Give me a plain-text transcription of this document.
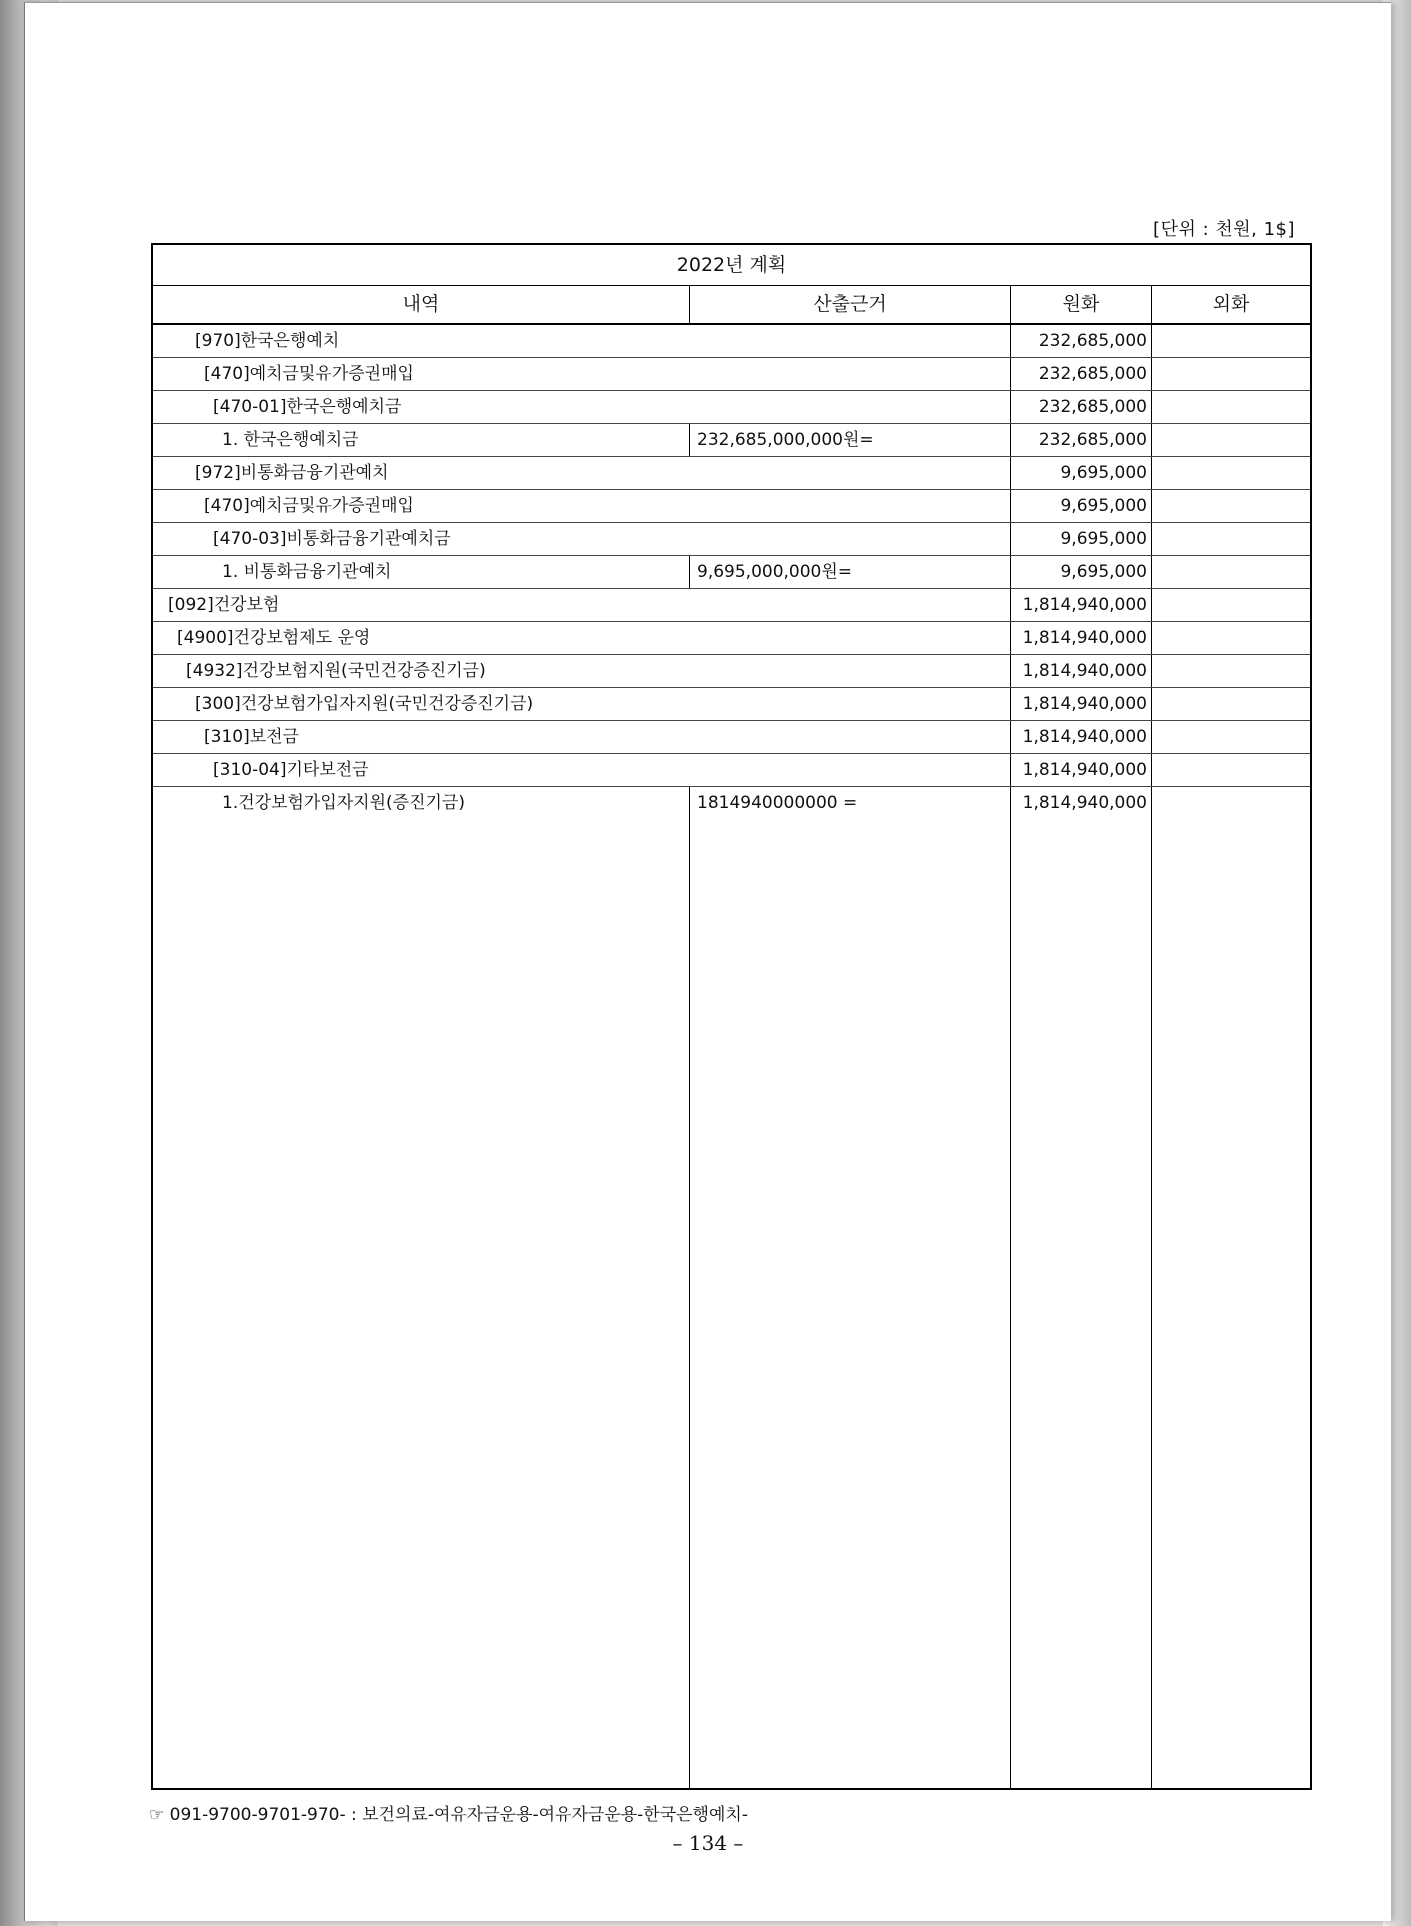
[단위 : 천원, 1$]
2022년 계획
내역	산출근거	원화	외화
[970]한국은행예치	232,685,000
[470]예치금및유가증권매입	232,685,000
[470-01]한국은행예치금	232,685,000
1. 한국은행예치금	232,685,000,000원=	232,685,000
[972]비통화금융기관예치	9,695,000
[470]예치금및유가증권매입	9,695,000
[470-03]비통화금융기관예치금	9,695,000
1. 비통화금융기관예치	9,695,000,000원=	9,695,000
[092]건강보험	1,814,940,000
[4900]건강보험제도 운영	1,814,940,000
[4932]건강보험지원(국민건강증진기금)	1,814,940,000
[300]건강보험가입자지원(국민건강증진기금)	1,814,940,000
[310]보전금	1,814,940,000
[310-04]기타보전금	1,814,940,000
1.건강보험가입자지원(증진기금)	1814940000000 =	1,814,940,000
☞ 091-9700-9701-970- : 보건의료-여유자금운용-여유자금운용-한국은행예치-
– 134 –
